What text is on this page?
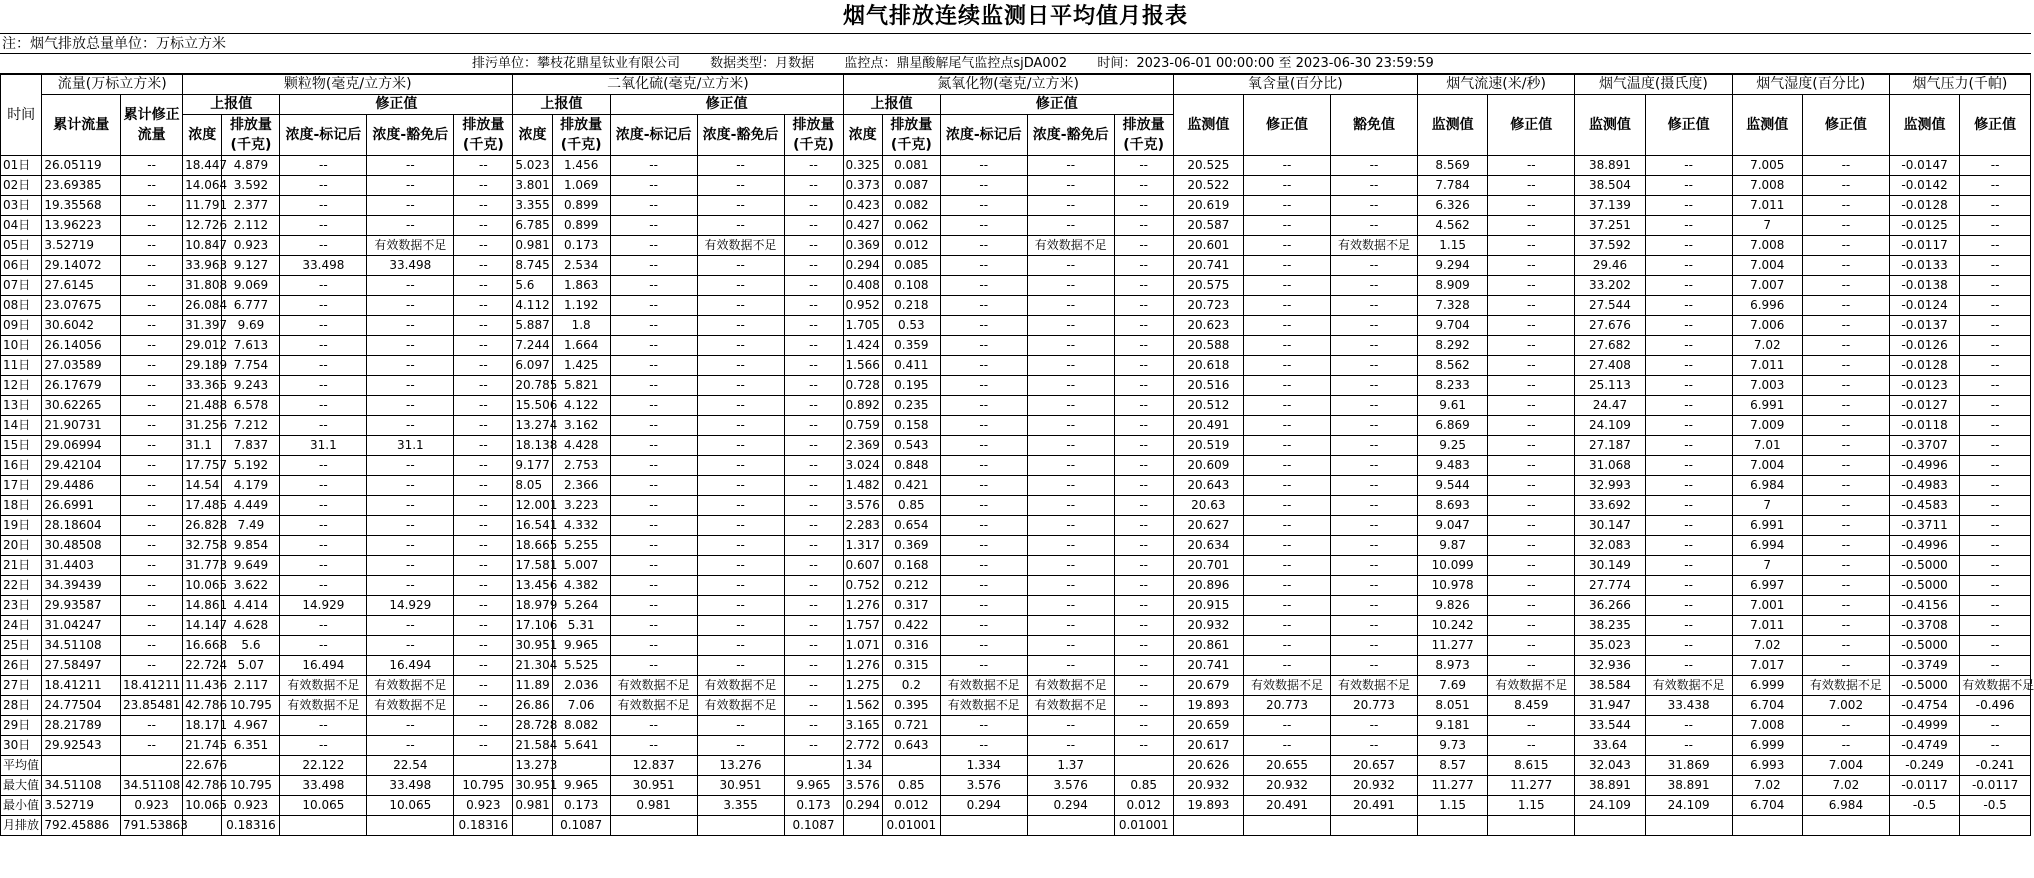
烟气排放连续监测日平均值月报表
注：烟气排放总量单位：万标立方米
排污单位：攀枝花鼎星钛业有限公司 数据类型：月数据 监控点：鼎星酸解尾气监控点sjDA002 时间：2023-06-01 00:00:00 至 2023-06-30 23:59:59
时间	流量(万标立方米)		颗粒物(毫克/立方米)					二氧化硫(毫克/立方米)					氮氧化物(毫克/立方米)					氧含量(百分比)			烟气流速(米/秒)		烟气温度(摄氏度)		烟气湿度(百分比)		烟气压力(千帕)	
	累计流量	累计修正流量	上报值		修正值			上报值		修正值			上报值		修正值			监测值	修正值	豁免值	监测值	修正值	监测值	修正值	监测值	修正值	监测值	修正值
			浓度	排放量(千克)	浓度-标记后	浓度-豁免后	排放量(千克)	浓度	排放量(千克)	浓度-标记后	浓度-豁免后	排放量(千克)	浓度	排放量(千克)	浓度-标记后	浓度-豁免后	排放量(千克)											
01日	26.05119	--	18.447	4.879	--	--	--	5.023	1.456	--	--	--	0.325	0.081	--	--	--	20.525	--	--	8.569	--	38.891	--	7.005	--	-0.0147	--
02日	23.69385	--	14.064	3.592	--	--	--	3.801	1.069	--	--	--	0.373	0.087	--	--	--	20.522	--	--	7.784	--	38.504	--	7.008	--	-0.0142	--
03日	19.35568	--	11.791	2.377	--	--	--	3.355	0.899	--	--	--	0.423	0.082	--	--	--	20.619	--	--	6.326	--	37.139	--	7.011	--	-0.0128	--
04日	13.96223	--	12.726	2.112	--	--	--	6.785	0.899	--	--	--	0.427	0.062	--	--	--	20.587	--	--	4.562	--	37.251	--	7	--	-0.0125	--
05日	3.52719	--	10.847	0.923	--	有效数据不足	--	0.981	0.173	--	有效数据不足	--	0.369	0.012	--	有效数据不足	--	20.601	--	有效数据不足	1.15	--	37.592	--	7.008	--	-0.0117	--
06日	29.14072	--	33.963	9.127	33.498	33.498	--	8.745	2.534	--	--	--	0.294	0.085	--	--	--	20.741	--	--	9.294	--	29.46	--	7.004	--	-0.0133	--
07日	27.6145	--	31.808	9.069	--	--	--	5.6	1.863	--	--	--	0.408	0.108	--	--	--	20.575	--	--	8.909	--	33.202	--	7.007	--	-0.0138	--
08日	23.07675	--	26.084	6.777	--	--	--	4.112	1.192	--	--	--	0.952	0.218	--	--	--	20.723	--	--	7.328	--	27.544	--	6.996	--	-0.0124	--
09日	30.6042	--	31.397	9.69	--	--	--	5.887	1.8	--	--	--	1.705	0.53	--	--	--	20.623	--	--	9.704	--	27.676	--	7.006	--	-0.0137	--
10日	26.14056	--	29.012	7.613	--	--	--	7.244	1.664	--	--	--	1.424	0.359	--	--	--	20.588	--	--	8.292	--	27.682	--	7.02	--	-0.0126	--
11日	27.03589	--	29.189	7.754	--	--	--	6.097	1.425	--	--	--	1.566	0.411	--	--	--	20.618	--	--	8.562	--	27.408	--	7.011	--	-0.0128	--
12日	26.17679	--	33.365	9.243	--	--	--	20.785	5.821	--	--	--	0.728	0.195	--	--	--	20.516	--	--	8.233	--	25.113	--	7.003	--	-0.0123	--
13日	30.62265	--	21.488	6.578	--	--	--	15.506	4.122	--	--	--	0.892	0.235	--	--	--	20.512	--	--	9.61	--	24.47	--	6.991	--	-0.0127	--
14日	21.90731	--	31.256	7.212	--	--	--	13.274	3.162	--	--	--	0.759	0.158	--	--	--	20.491	--	--	6.869	--	24.109	--	7.009	--	-0.0118	--
15日	29.06994	--	31.1	7.837	31.1	31.1	--	18.138	4.428	--	--	--	2.369	0.543	--	--	--	20.519	--	--	9.25	--	27.187	--	7.01	--	-0.3707	--
16日	29.42104	--	17.757	5.192	--	--	--	9.177	2.753	--	--	--	3.024	0.848	--	--	--	20.609	--	--	9.483	--	31.068	--	7.004	--	-0.4996	--
17日	29.4486	--	14.54	4.179	--	--	--	8.05	2.366	--	--	--	1.482	0.421	--	--	--	20.643	--	--	9.544	--	32.993	--	6.984	--	-0.4983	--
18日	26.6991	--	17.485	4.449	--	--	--	12.001	3.223	--	--	--	3.576	0.85	--	--	--	20.63	--	--	8.693	--	33.692	--	7	--	-0.4583	--
19日	28.18604	--	26.828	7.49	--	--	--	16.541	4.332	--	--	--	2.283	0.654	--	--	--	20.627	--	--	9.047	--	30.147	--	6.991	--	-0.3711	--
20日	30.48508	--	32.758	9.854	--	--	--	18.665	5.255	--	--	--	1.317	0.369	--	--	--	20.634	--	--	9.87	--	32.083	--	6.994	--	-0.4996	--
21日	31.4403	--	31.773	9.649	--	--	--	17.581	5.007	--	--	--	0.607	0.168	--	--	--	20.701	--	--	10.099	--	30.149	--	7	--	-0.5000	--
22日	34.39439	--	10.065	3.622	--	--	--	13.456	4.382	--	--	--	0.752	0.212	--	--	--	20.896	--	--	10.978	--	27.774	--	6.997	--	-0.5000	--
23日	29.93587	--	14.861	4.414	14.929	14.929	--	18.979	5.264	--	--	--	1.276	0.317	--	--	--	20.915	--	--	9.826	--	36.266	--	7.001	--	-0.4156	--
24日	31.04247	--	14.147	4.628	--	--	--	17.106	5.31	--	--	--	1.757	0.422	--	--	--	20.932	--	--	10.242	--	38.235	--	7.011	--	-0.3708	--
25日	34.51108	--	16.668	5.6	--	--	--	30.951	9.965	--	--	--	1.071	0.316	--	--	--	20.861	--	--	11.277	--	35.023	--	7.02	--	-0.5000	--
26日	27.58497	--	22.724	5.07	16.494	16.494	--	21.304	5.525	--	--	--	1.276	0.315	--	--	--	20.741	--	--	8.973	--	32.936	--	7.017	--	-0.3749	--
27日	18.41211	18.41211	11.436	2.117	有效数据不足	有效数据不足	--	11.89	2.036	有效数据不足	有效数据不足	--	1.275	0.2	有效数据不足	有效数据不足	--	20.679	有效数据不足	有效数据不足	7.69	有效数据不足	38.584	有效数据不足	6.999	有效数据不足	-0.5000	有效数据不足
28日	24.77504	23.85481	42.786	10.795	有效数据不足	有效数据不足	--	26.86	7.06	有效数据不足	有效数据不足	--	1.562	0.395	有效数据不足	有效数据不足	--	19.893	20.773	20.773	8.051	8.459	31.947	33.438	6.704	7.002	-0.4754	-0.496
29日	28.21789	--	18.171	4.967	--	--	--	28.728	8.082	--	--	--	3.165	0.721	--	--	--	20.659	--	--	9.181	--	33.544	--	7.008	--	-0.4999	--
30日	29.92543	--	21.745	6.351	--	--	--	21.584	5.641	--	--	--	2.772	0.643	--	--	--	20.617	--	--	9.73	--	33.64	--	6.999	--	-0.4749	--
平均值			22.676		22.122	22.54		13.273		12.837	13.276		1.34		1.334	1.37		20.626	20.655	20.657	8.57	8.615	32.043	31.869	6.993	7.004	-0.249	-0.241
最大值	34.51108	34.51108	42.786	10.795	33.498	33.498	10.795	30.951	9.965	30.951	30.951	9.965	3.576	0.85	3.576	3.576	0.85	20.932	20.932	20.932	11.277	11.277	38.891	38.891	7.02	7.02	-0.0117	-0.0117
最小值	3.52719	0.923	10.065	0.923	10.065	10.065	0.923	0.981	0.173	0.981	3.355	0.173	0.294	0.012	0.294	0.294	0.012	19.893	20.491	20.491	1.15	1.15	24.109	24.109	6.704	6.984	-0.5	-0.5
月排放	792.45886	791.53863		0.18316			0.18316		0.1087			0.1087		0.01001			0.01001											
